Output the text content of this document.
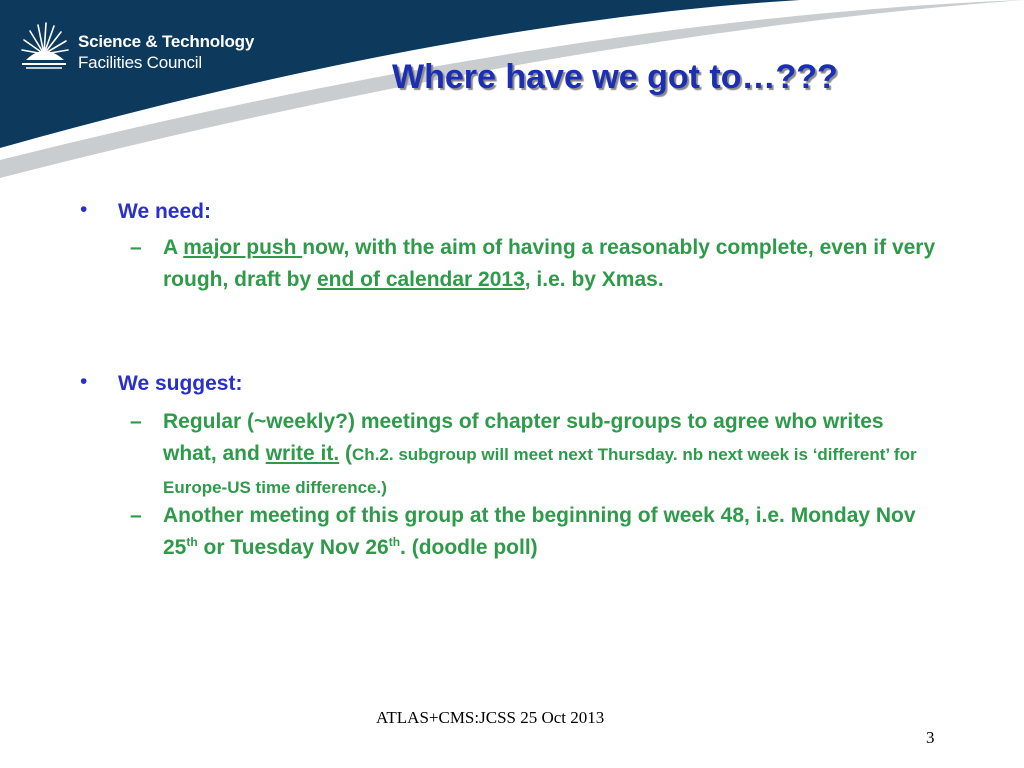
Science & Technology
Facilities Council	Where have we got to…???
• We need:
– A major push now, with the aim of having a reasonably complete, even if very rough, draft by end of calendar 2013, i.e. by Xmas.
• We suggest:
– Regular (~weekly?) meetings of chapter sub-groups to agree who writes what, and write it. (Ch.2. subgroup will meet next Thursday. nb next week is ‘different’ for Europe-US time difference.)
– Another meeting of this group at the beginning of week 48, i.e. Monday Nov 25th or Tuesday Nov 26th. (doodle poll)
ATLAS+CMS:JCSS 25 Oct 2013
3
